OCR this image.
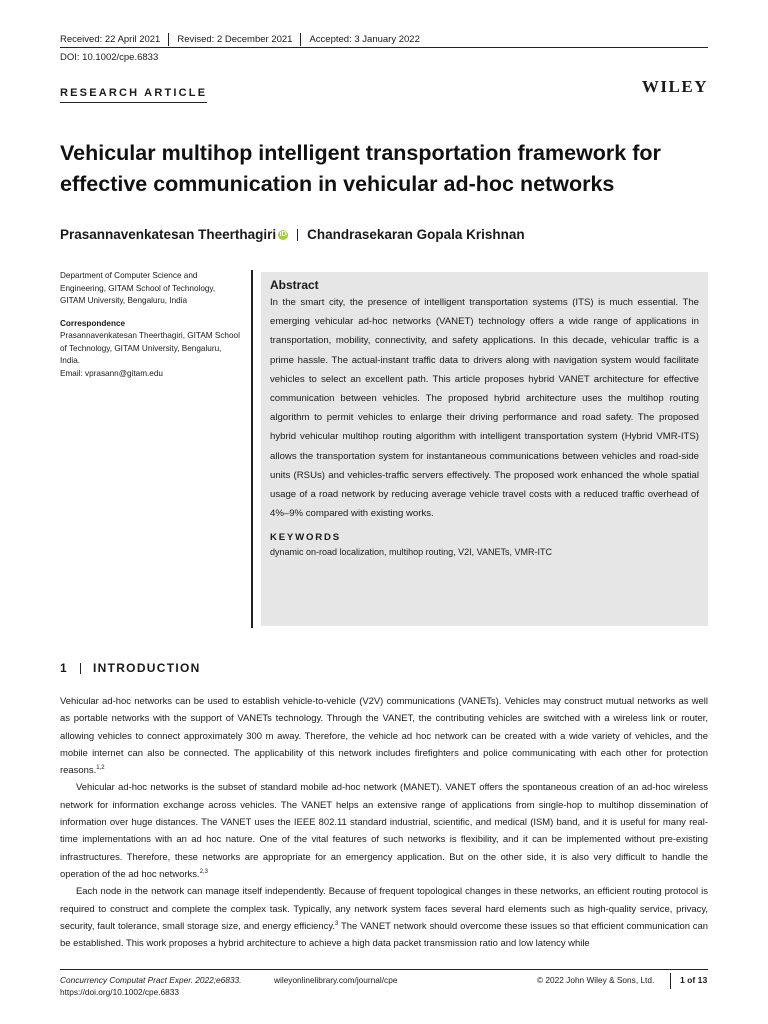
Received: 22 April 2021 Revised: 2 December 2021 Accepted: 3 January 2022
DOI: 10.1002/cpe.6833
RESEARCH ARTICLE	WILEY
Vehicular multihop intelligent transportation framework for effective communication in vehicular ad-hoc networks
Prasannavenkatesan Theerthagiri iD Chandrasekaran Gopala Krishnan
Department of Computer Science and Engineering, GITAM School of Technology, GITAM University, Bengaluru, India
Correspondence
Prasannavenkatesan Theerthagiri, GITAM School of Technology, GITAM University, Bengaluru, India.
Email: vprasann@gitam.edu
Abstract
In the smart city, the presence of intelligent transportation systems (ITS) is much essential. The emerging vehicular ad-hoc networks (VANET) technology offers a wide range of applications in transportation, mobility, connectivity, and safety applications. In this decade, vehicular traffic is a prime hassle. The actual-instant traffic data to drivers along with navigation system would facilitate vehicles to select an excellent path. This article proposes hybrid VANET architecture for effective communication between vehicles. The proposed hybrid architecture uses the multihop routing algorithm to permit vehicles to enlarge their driving performance and road safety. The proposed hybrid vehicular multihop routing algorithm with intelligent transportation system (Hybrid VMR-ITS) allows the transportation system for instantaneous communications between vehicles and road-side units (RSUs) and vehicles-traffic servers effectively. The proposed work enhanced the whole spatial usage of a road network by reducing average vehicle travel costs with a reduced traffic overhead of 4%–9% compared with existing works.
KEYWORDS
dynamic on-road localization, multihop routing, V2I, VANETs, VMR-ITC
1 INTRODUCTION

Vehicular ad-hoc networks can be used to establish vehicle-to-vehicle (V2V) communications (VANETs). Vehicles may construct mutual networks as well as portable networks with the support of VANETs technology. Through the VANET, the contributing vehicles are switched with a wireless link or router, allowing vehicles to connect approximately 300 m away. Therefore, the vehicle ad hoc network can be created with a wide variety of vehicles, and the mobile internet can also be connected. The applicability of this network includes firefighters and police communicating with each other for protection reasons.$^{1,2}$

Vehicular ad-hoc networks is the subset of standard mobile ad-hoc network (MANET). VANET offers the spontaneous creation of an ad-hoc wireless network for information exchange across vehicles. The VANET helps an extensive range of applications from single-hop to multihop dissemination of information over huge distances. The VANET uses the IEEE 802.11 standard industrial, scientific, and medical (ISM) band, and it is useful for many real-time implementations with an ad hoc nature. One of the vital features of such networks is flexibility, and it can be implemented without pre-existing infrastructures. Therefore, these networks are appropriate for an emergency application. But on the other side, it is also very difficult to handle the operation of the ad hoc networks.$^{2,3}$

Each node in the network can manage itself independently. Because of frequent topological changes in these networks, an efficient routing protocol is required to construct and complete the complex task. Typically, any network system faces several hard elements such as high-quality service, privacy, security, fault tolerance, small storage size, and energy efficiency.$^3$ The VANET network should overcome these issues so that efficient communication can be established. This work proposes a hybrid architecture to achieve a high data packet transmission ratio and low latency while

Concurrency Computat Pract Exper. 2022;e6833.
https://doi.org/10.1002/cpe.6833
wileyonlinelibrary.com/journal/cpe	© 2022 John Wiley & Sons, Ltd.	1 of 13
